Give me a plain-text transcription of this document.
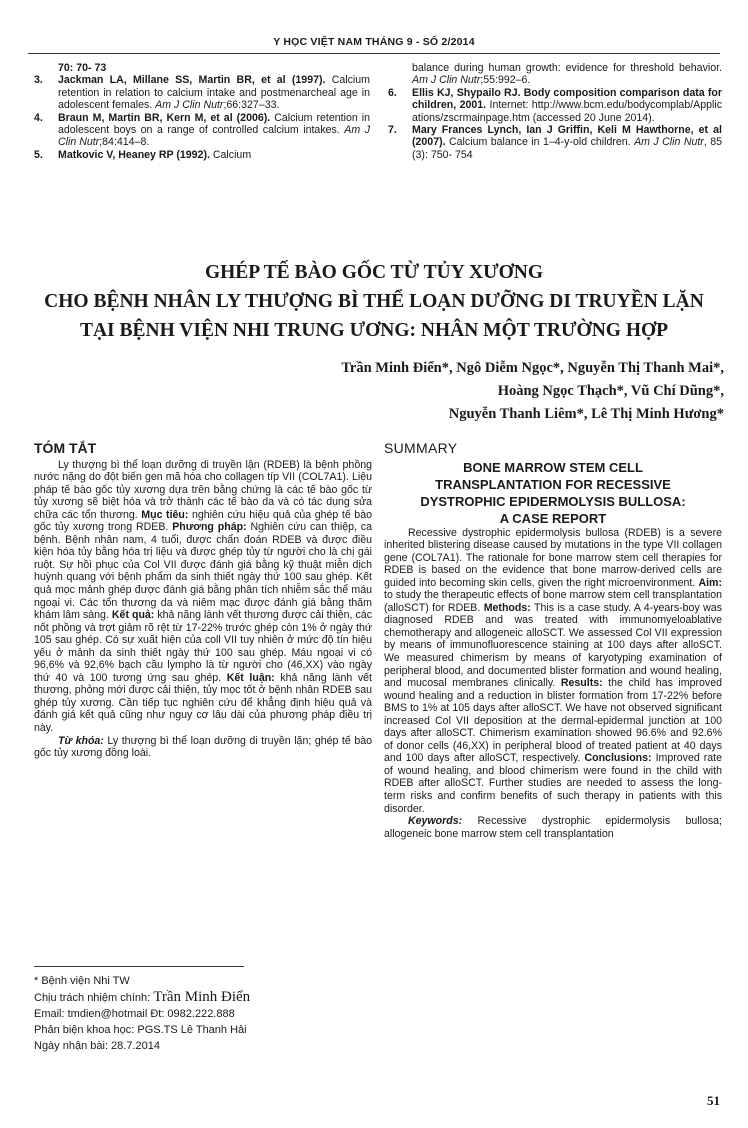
Y HỌC VIỆT NAM THÁNG 9 - SỐ 2/2014

70: 70- 73

3. Jackman LA, Millane SS, Martin BR, et al (1997). Calcium retention in relation to calcium intake and postmenarcheal age in adolescent females. Am J Clin Nutr;66:327–33.

4. Braun M, Martin BR, Kern M, et al (2006). Calcium retention in adolescent boys on a range of controlled calcium intakes. Am J Clin Nutr;84:414–8.

5. Matkovic V, Heaney RP (1992). Calcium

balance during human growth: evidence for threshold behavior. Am J Clin Nutr;55:992–6.

6. Ellis KJ, Shypailo RJ. Body composition comparison data for children, 2001. Internet: http://www.bcm.edu/bodycomplab/Applications/zscrmainpage.htm (accessed 20 June 2014).

7. Mary Frances Lynch, Ian J Griffin, Keli M Hawthorne, et al (2007). Calcium balance in 1–4-y-old children. Am J Clin Nutr, 85 (3): 750- 754

GHÉP TẾ BÀO GỐC TỪ TỦY XƯƠNG
CHO BỆNH NHÂN LY THƯỢNG BÌ THỂ LOẠN DƯỠNG DI TRUYỀN LẶN
TẠI BỆNH VIỆN NHI TRUNG ƯƠNG: NHÂN MỘT TRƯỜNG HỢP
Trần Minh Điển*, Ngô Diễm Ngọc*, Nguyễn Thị Thanh Mai*,
Hoàng Ngọc Thạch*, Vũ Chí Dũng*,
Nguyễn Thanh Liêm*, Lê Thị Minh Hương*
TÓM TẮT

Ly thượng bì thể loạn dưỡng di truyền lặn (RDEB) là bệnh phồng nước nặng do đột biến gen mã hóa cho collagen típ VII (COL7A1). Liệu pháp tế bào gốc tủy xương dựa trên bằng chứng là các tế bào gốc từ tủy xương sẽ biệt hóa và trở thành các tế bào da và có tác dụng sửa chữa các tổn thương. Mục tiêu: nghiên cứu hiệu quả của ghép tế bào gốc tủy xương trong RDEB. Phương pháp: Nghiên cứu can thiệp, ca bệnh. Bệnh nhân nam, 4 tuổi, được chẩn đoán RDEB và được điều kiện hóa tủy bằng hóa trị liệu và được ghép tủy từ người cho là chị gái ruột. Sự hồi phục của Col VII được đánh giá bằng kỹ thuật miễn dịch huỳnh quang với bệnh phẩm da sinh thiết ngày thứ 100 sau ghép. Kết quả mọc mảnh ghép được đánh giá bằng phân tích nhiễm sắc thể máu ngoại vi. Các tổn thương da và niêm mạc được đánh giá bằng thăm khám lâm sàng. Kết quả: khả năng lành vết thương được cải thiện, các nốt phồng và trợt giảm rõ rệt từ 17-22% trước ghép còn 1% ở ngày thứ 105 sau ghép. Có sự xuất hiện của coll VII tuy nhiên ở mức độ tín hiệu yếu ở mảnh da sinh thiết ngày thứ 100 sau ghép. Máu ngoại vi có 96,6% và 92,6% bạch cầu lympho là từ người cho (46,XX) vào ngày thứ 40 và 100 tương ứng sau ghép. Kết luận: khả năng lành vết thương, phỏng mới được cải thiện, tủy mọc tốt ở bệnh nhân RDEB sau ghép tủy xương. Cần tiếp tục nghiên cứu để khẳng định hiệu quả và đánh giá kết quả cũng như nguy cơ lâu dài của phương pháp điều trị này.

Từ khóa: Ly thượng bì thể loạn dưỡng di truyền lặn; ghép tế bào gốc tủy xương đồng loài.

SUMMARY
BONE MARROW STEM CELL
TRANSPLANTATION FOR RECESSIVE
DYSTROPHIC EPIDERMOLYSIS BULLOSA:
A CASE REPORT

Recessive dystrophic epidermolysis bullosa (RDEB) is a severe inherited blistering disease caused by mutations in the type VII collagen gene (COL7A1). The rationale for bone marrow stem cell therapies for RDEB is based on the evidence that bone marrow-derived cells are guided into becoming skin cells, given the right microenvironment. Aim: to study the therapeutic effects of bone marrow stem cell transplantation (alloSCT) for RDEB. Methods: This is a case study. A 4-years-boy was diagnosed RDEB and was treated with immunomyeloablative chemotherapy and allogeneic alloSCT. We assessed Col VII expression by means of immunofluorescence staining at 100 days after alloSCT. We measured chimerism by means of karyotyping examination of peripheral blood, and documented blister formation and wound healing, and mucosal membranes clinically. Results: the child has improved wound healing and a reduction in blister formation from 17-22% before BMS to 1% at 105 days after alloSCT. We have not observed significant increased Col VII deposition at the dermal-epidermal junction at 100 days after alloSCT. Chimerism examination showed 96.6% and 92.6% of donor cells (46,XX) in peripheral blood of treated patient at 40 days and 100 days after alloSCT, respectively. Conclusions: Improved rate of wound healing, and blood chimerism were found in the child with RDEB after alloSCT. Further studies are needed to assess the long-term risks and confirm benefits of such therapy in patients with this disorder.

Keywords: Recessive dystrophic epidermolysis bullosa; allogeneic bone marrow stem cell transplantation

* Bệnh viện Nhi TW
Chịu trách nhiệm chính: Trần Minh Điển
Email: tmdien@hotmail Đt: 0982.222.888
Phản biện khoa học: PGS.TS Lê Thanh Hải
Ngày nhận bài: 28.7.2014
51
